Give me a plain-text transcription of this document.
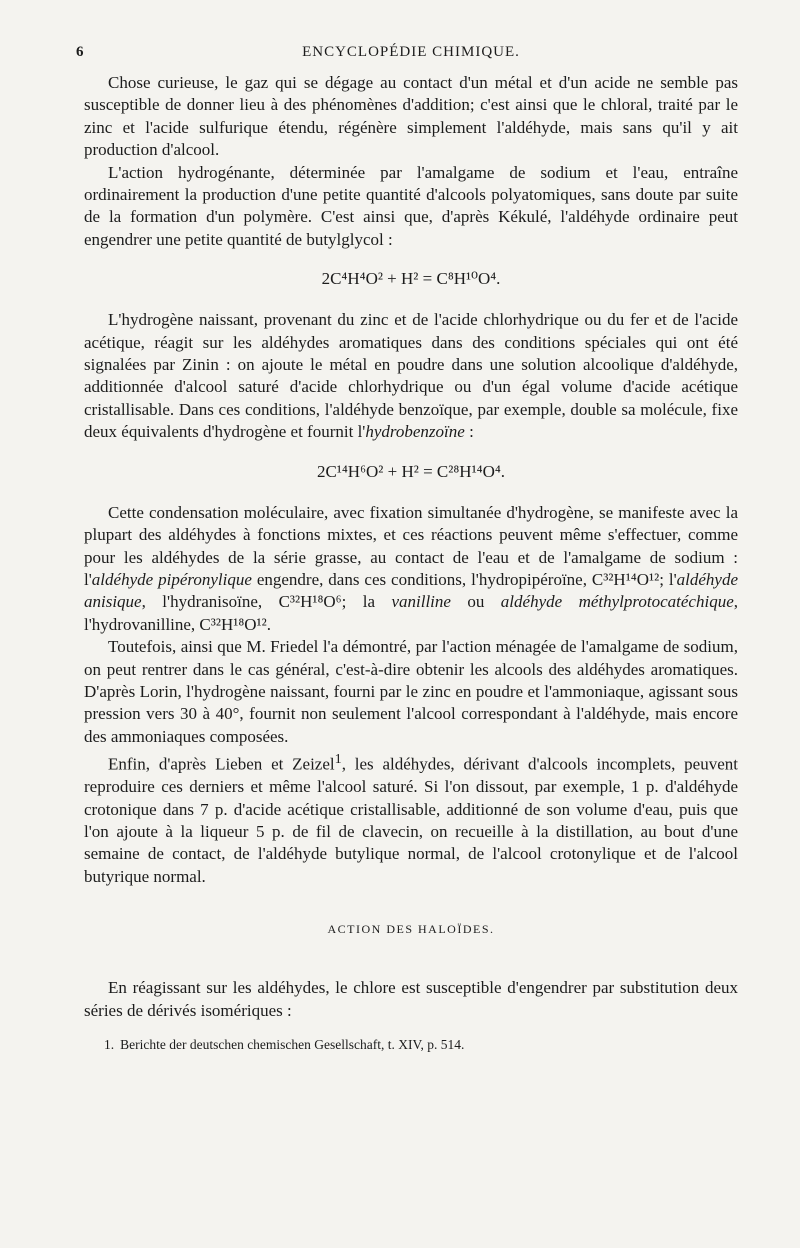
6	ENCYCLOPÉDIE CHIMIQUE.

Chose curieuse, le gaz qui se dégage au contact d'un métal et d'un acide ne semble pas susceptible de donner lieu à des phénomènes d'addition; c'est ainsi que le chloral, traité par le zinc et l'acide sulfurique étendu, régénère simplement l'aldéhyde, mais sans qu'il y ait production d'alcool.

L'action hydrogénante, déterminée par l'amalgame de sodium et l'eau, entraîne ordinairement la production d'une petite quantité d'alcools polyatomiques, sans doute par suite de la formation d'un polymère. C'est ainsi que, d'après Kékulé, l'aldéhyde ordinaire peut engendrer une petite quantité de butylglycol :

2C⁴H⁴O² + H² = C⁸H¹⁰O⁴.

L'hydrogène naissant, provenant du zinc et de l'acide chlorhydrique ou du fer et de l'acide acétique, réagit sur les aldéhydes aromatiques dans des conditions spéciales qui ont été signalées par Zinin : on ajoute le métal en poudre dans une solution alcoolique d'aldéhyde, additionnée d'alcool saturé d'acide chlorhydrique ou d'un égal volume d'acide acétique cristallisable. Dans ces conditions, l'aldéhyde benzoïque, par exemple, double sa molécule, fixe deux équivalents d'hydrogène et fournit l'hydrobenzoïne :

2C¹⁴H⁶O² + H² = C²⁸H¹⁴O⁴.

Cette condensation moléculaire, avec fixation simultanée d'hydrogène, se manifeste avec la plupart des aldéhydes à fonctions mixtes, et ces réactions peuvent même s'effectuer, comme pour les aldéhydes de la série grasse, au contact de l'eau et de l'amalgame de sodium : l'aldéhyde pipéronylique engendre, dans ces conditions, l'hydropipéroïne, C³²H¹⁴O¹²; l'aldéhyde anisique, l'hydranisoïne, C³²H¹⁸O⁶; la vanilline ou aldéhyde méthylprotocatéchique, l'hydrovanilline, C³²H¹⁸O¹².

Toutefois, ainsi que M. Friedel l'a démontré, par l'action ménagée de l'amalgame de sodium, on peut rentrer dans le cas général, c'est-à-dire obtenir les alcools des aldéhydes aromatiques. D'après Lorin, l'hydrogène naissant, fourni par le zinc en poudre et l'ammoniaque, agissant sous pression vers 30 à 40°, fournit non seulement l'alcool correspondant à l'aldéhyde, mais encore des ammoniaques composées.

Enfin, d'après Lieben et Zeizel$^1$, les aldéhydes, dérivant d'alcools incomplets, peuvent reproduire ces derniers et même l'alcool saturé. Si l'on dissout, par exemple, 1 p. d'aldéhyde crotonique dans 7 p. d'acide acétique cristallisable, additionné de son volume d'eau, puis que l'on ajoute à la liqueur 5 p. de fil de clavecin, on recueille à la distillation, au bout d'une semaine de contact, de l'aldéhyde butylique normal, de l'alcool crotonylique et de l'alcool butyrique normal.

ACTION DES HALOÏDES.

En réagissant sur les aldéhydes, le chlore est susceptible d'engendrer par substitution deux séries de dérivés isomériques :

1. Berichte der deutschen chemischen Gesellschaft, t. XIV, p. 514.
